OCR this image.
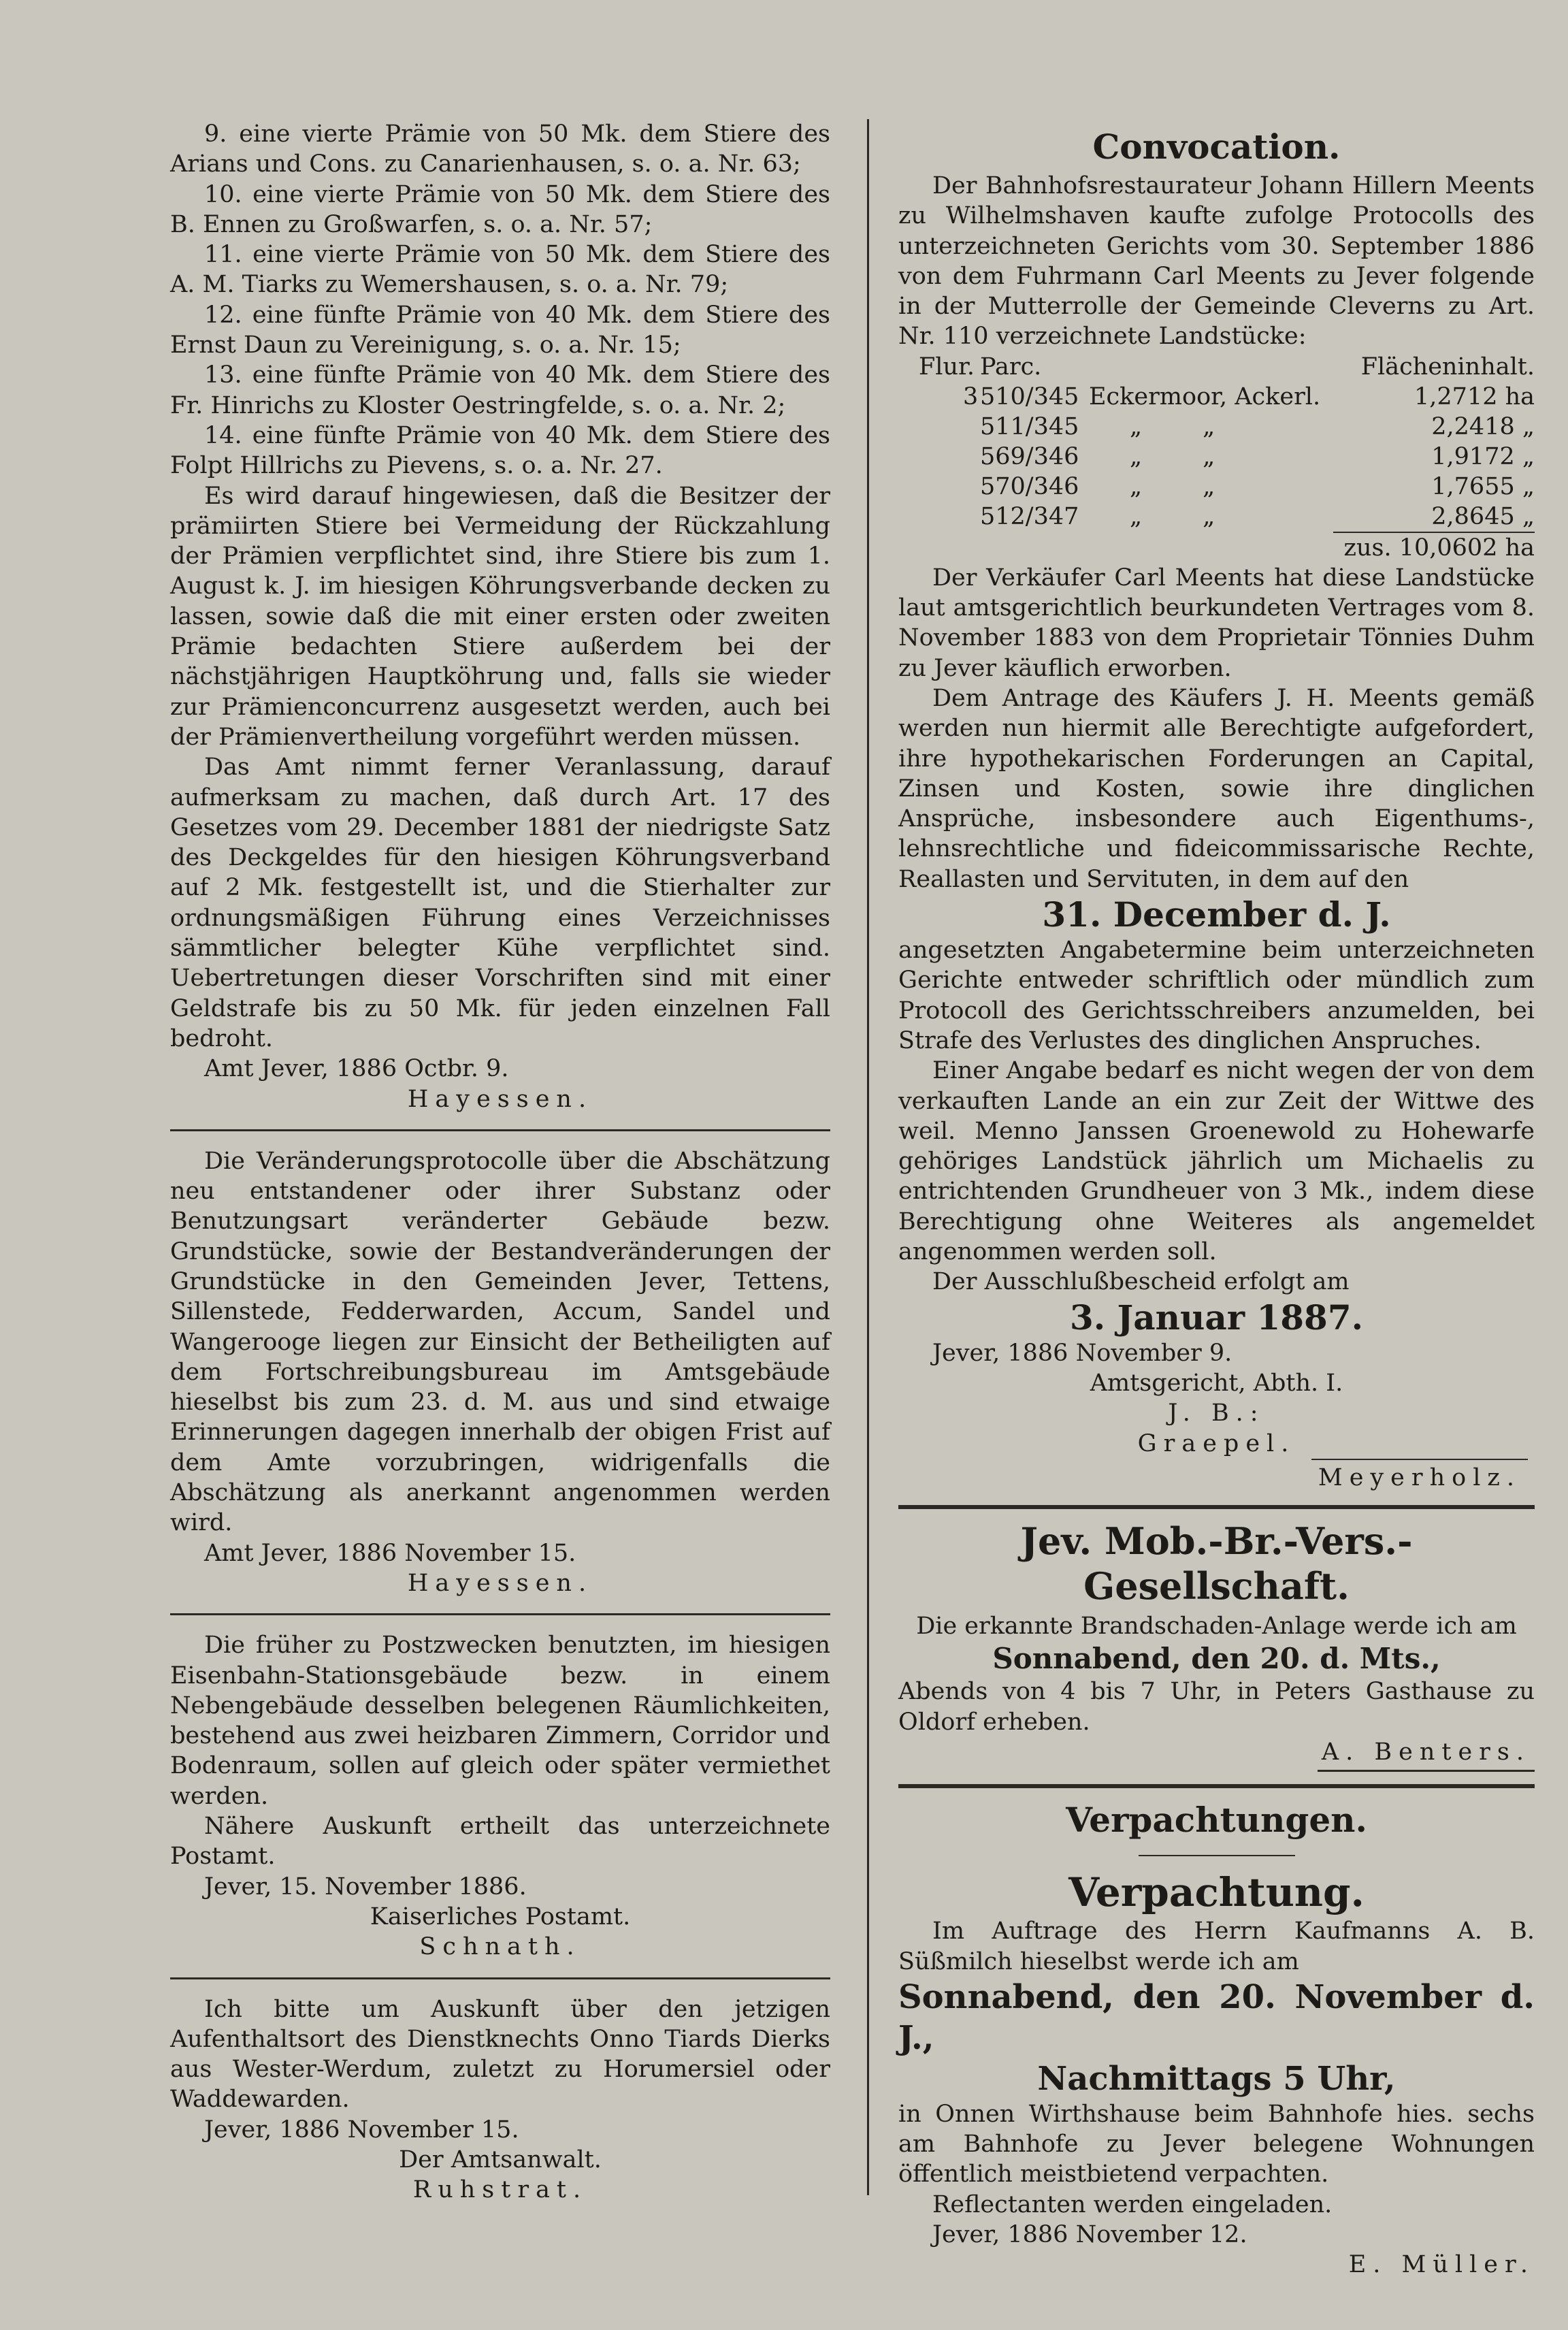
9. eine vierte Prämie von 50 Mk. dem Stiere des Arians und Cons. zu Canarienhausen, s. o. a. Nr. 63;

10. eine vierte Prämie von 50 Mk. dem Stiere des B. Ennen zu Großwarfen, s. o. a. Nr. 57;

11. eine vierte Prämie von 50 Mk. dem Stiere des A. M. Tiarks zu Wemershausen, s. o. a. Nr. 79;

12. eine fünfte Prämie von 40 Mk. dem Stiere des Ernst Daun zu Vereinigung, s. o. a. Nr. 15;

13. eine fünfte Prämie von 40 Mk. dem Stiere des Fr. Hinrichs zu Kloster Oestringfelde, s. o. a. Nr. 2;

14. eine fünfte Prämie von 40 Mk. dem Stiere des Folpt Hillrichs zu Pievens, s. o. a. Nr. 27.

Es wird darauf hingewiesen, daß die Besitzer der prämiirten Stiere bei Vermeidung der Rückzahlung der Prämien verpflichtet sind, ihre Stiere bis zum 1. August k. J. im hiesigen Köhrungsverbande decken zu lassen, sowie daß die mit einer ersten oder zweiten Prämie bedachten Stiere außerdem bei der nächstjährigen Hauptköhrung und, falls sie wieder zur Prämienconcurrenz ausgesetzt werden, auch bei der Prämienvertheilung vorgeführt werden müssen.

Das Amt nimmt ferner Veranlassung, darauf aufmerksam zu machen, daß durch Art. 17 des Gesetzes vom 29. December 1881 der niedrigste Satz des Deckgeldes für den hiesigen Köhrungsverband auf 2 Mk. festgestellt ist, und die Stierhalter zur ordnungsmäßigen Führung eines Verzeichnisses sämmtlicher belegter Kühe verpflichtet sind. Uebertretungen dieser Vorschriften sind mit einer Geldstrafe bis zu 50 Mk. für jeden einzelnen Fall bedroht.

Amt Jever, 1886 Octbr. 9.

Hayessen.

Die Veränderungsprotocolle über die Abschätzung neu entstandener oder ihrer Substanz oder Benutzungsart veränderter Gebäude bezw. Grundstücke, sowie der Bestandveränderungen der Grundstücke in den Gemeinden Jever, Tettens, Sillenstede, Fedderwarden, Accum, Sandel und Wangerooge liegen zur Einsicht der Betheiligten auf dem Fortschreibungsbureau im Amtsgebäude hieselbst bis zum 23. d. M. aus und sind etwaige Erinnerungen dagegen innerhalb der obigen Frist auf dem Amte vorzubringen, widrigenfalls die Abschätzung als anerkannt angenommen werden wird.

Amt Jever, 1886 November 15.

Hayessen.

Die früher zu Postzwecken benutzten, im hiesigen Eisenbahn-Stationsgebäude bezw. in einem Nebengebäude desselben belegenen Räumlichkeiten, bestehend aus zwei heizbaren Zimmern, Corridor und Bodenraum, sollen auf gleich oder später vermiethet werden.

Nähere Auskunft ertheilt das unterzeichnete Postamt.

Jever, 15. November 1886.

Kaiserliches Postamt.

Schnath.

Ich bitte um Auskunft über den jetzigen Aufenthaltsort des Dienstknechts Onno Tiards Dierks aus Wester-Werdum, zuletzt zu Horumersiel oder Waddewarden.

Jever, 1886 November 15.

Der Amtsanwalt.

Ruhstrat.

Convocation.

Der Bahnhofsrestaurateur Johann Hillern Meents zu Wilhelmshaven kaufte zufolge Protocolls des unterzeichneten Gerichts vom 30. September 1886 von dem Fuhrmann Carl Meents zu Jever folgende in der Mutterrolle der Gemeinde Cleverns zu Art. Nr. 110 verzeichnete Landstücke:

Flur.	Parc.		Flächeninhalt.
3	510/345	Eckermoor, Ackerl.	1,2712 ha
	511/345	„        „	2,2418 „
	569/346	„        „	1,9172 „
	570/346	„        „	1,7655 „
	512/347	„        „	2,8645 „
			zus. 10,0602 ha

Der Verkäufer Carl Meents hat diese Landstücke laut amtsgerichtlich beurkundeten Vertrages vom 8. November 1883 von dem Proprietair Tönnies Duhm zu Jever käuflich erworben.

Dem Antrage des Käufers J. H. Meents gemäß werden nun hiermit alle Berechtigte aufgefordert, ihre hypothekarischen Forderungen an Capital, Zinsen und Kosten, sowie ihre dinglichen Ansprüche, insbesondere auch Eigenthums-, lehnsrechtliche und fideicommissarische Rechte, Reallasten und Servituten, in dem auf den

31. December d. J.

angesetzten Angabetermine beim unterzeichneten Gerichte entweder schriftlich oder mündlich zum Protocoll des Gerichtsschreibers anzumelden, bei Strafe des Verlustes des dinglichen Anspruches.

Einer Angabe bedarf es nicht wegen der von dem verkauften Lande an ein zur Zeit der Wittwe des weil. Menno Janssen Groenewold zu Hohewarfe gehöriges Landstück jährlich um Michaelis zu entrichtenden Grundheuer von 3 Mk., indem diese Berechtigung ohne Weiteres als angemeldet angenommen werden soll.

Der Ausschlußbescheid erfolgt am

3. Januar 1887.

Jever, 1886 November 9.

Amtsgericht, Abth. I.

J. B.:

Graepel.

Meyerholz.

Jev. Mob.-Br.-Vers.-Gesellschaft.

Die erkannte Brandschaden-Anlage werde ich am

Sonnabend, den 20. d. Mts.,

Abends von 4 bis 7 Uhr, in Peters Gasthause zu Oldorf erheben.

A. Benters.

Verpachtungen.
Verpachtung.

Im Auftrage des Herrn Kaufmanns A. B. Süßmilch hieselbst werde ich am

Sonnabend, den 20. November d. J.,

Nachmittags 5 Uhr,

in Onnen Wirthshause beim Bahnhofe hies. sechs am Bahnhofe zu Jever belegene Wohnungen öffentlich meistbietend verpachten.

Reflectanten werden eingeladen.

Jever, 1886 November 12.

E. Müller.
